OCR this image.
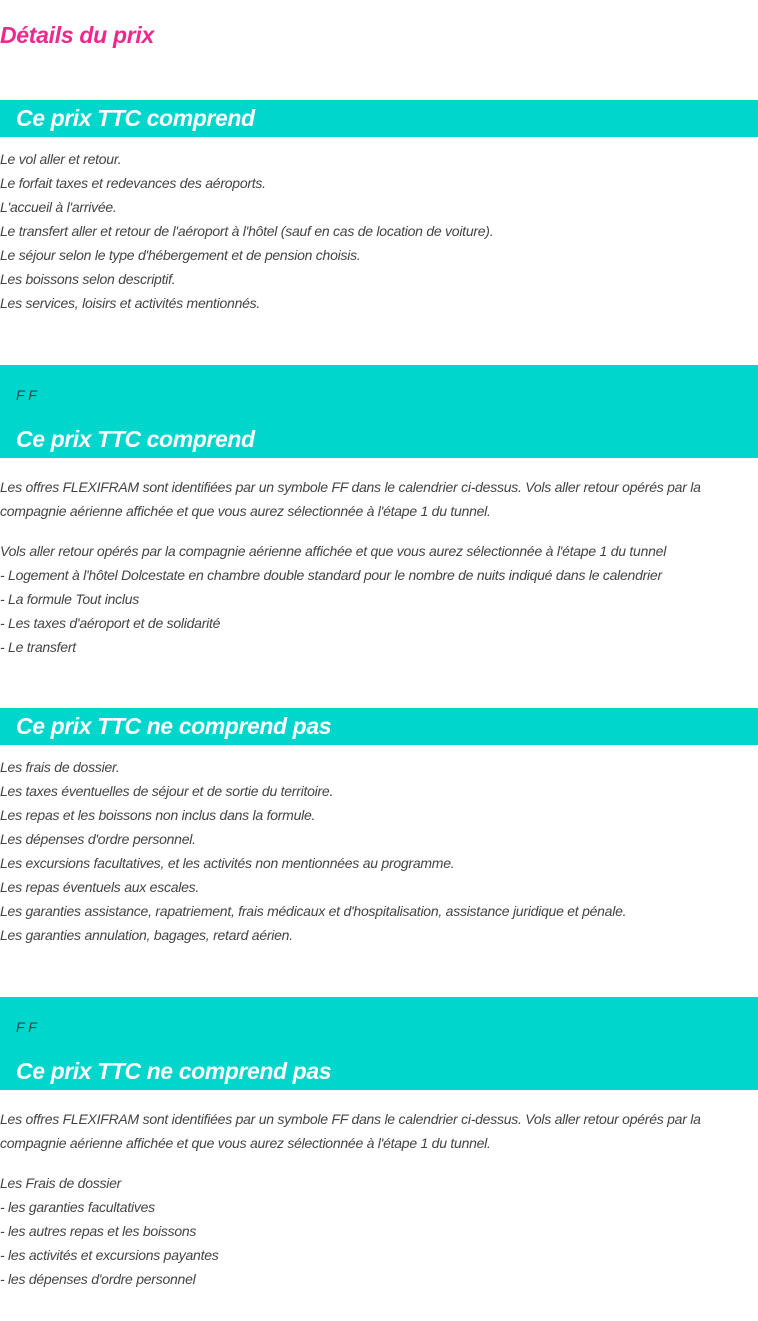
Détails du prix
Ce prix TTC comprend
Le vol aller et retour.
Le forfait taxes et redevances des aéroports.
L'accueil à l'arrivée.
Le transfert aller et retour de l'aéroport à l'hôtel (sauf en cas de location de voiture).
Le séjour selon le type d'hébergement et de pension choisis.
Les boissons selon descriptif.
Les services, loisirs et activités mentionnés.
F F
Ce prix TTC comprend

Les offres FLEXIFRAM sont identifiées par un symbole FF dans le calendrier ci-dessus. Vols aller retour opérés par la compagnie aérienne affichée et que vous aurez sélectionnée à l'étape 1 du tunnel.

Vols aller retour opérés par la compagnie aérienne affichée et que vous aurez sélectionnée à l'étape 1 du tunnel
- Logement à l'hôtel Dolcestate en chambre double standard pour le nombre de nuits indiqué dans le calendrier
- La formule Tout inclus
- Les taxes d'aéroport et de solidarité
- Le transfert
Ce prix TTC ne comprend pas
Les frais de dossier.
Les taxes éventuelles de séjour et de sortie du territoire.
Les repas et les boissons non inclus dans la formule.
Les dépenses d'ordre personnel.
Les excursions facultatives, et les activités non mentionnées au programme.
Les repas éventuels aux escales.
Les garanties assistance, rapatriement, frais médicaux et d'hospitalisation, assistance juridique et pénale.
Les garanties annulation, bagages, retard aérien.
F F
Ce prix TTC ne comprend pas

Les offres FLEXIFRAM sont identifiées par un symbole FF dans le calendrier ci-dessus. Vols aller retour opérés par la compagnie aérienne affichée et que vous aurez sélectionnée à l'étape 1 du tunnel.

Les Frais de dossier
- les garanties facultatives
- les autres repas et les boissons
- les activités et excursions payantes
- les dépenses d'ordre personnel
